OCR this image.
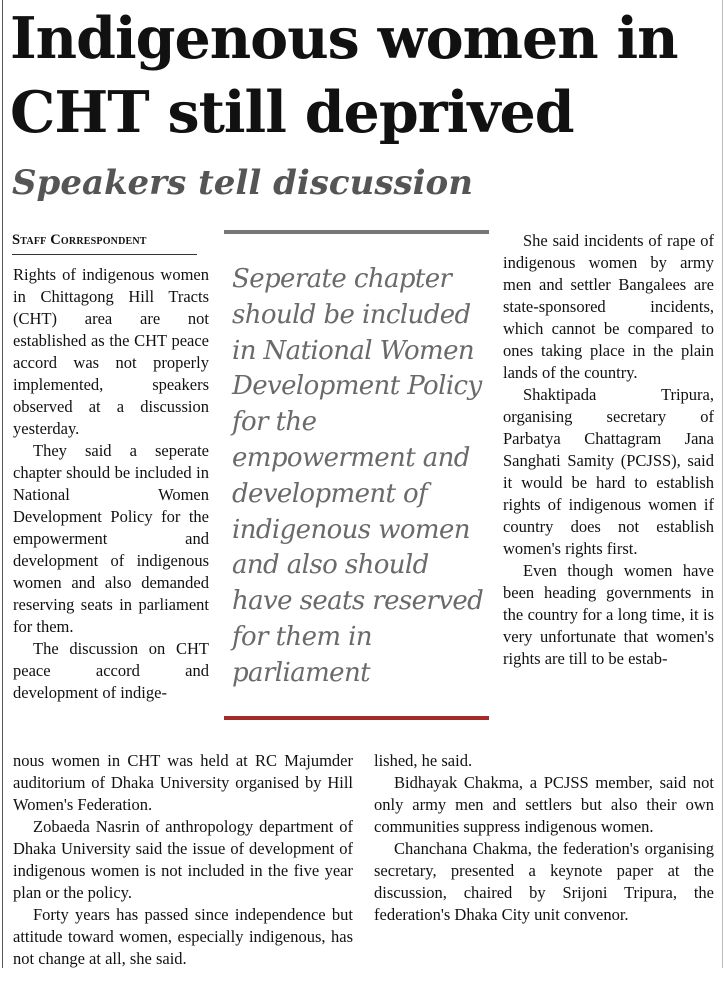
Indigenous women in CHT still deprived
Speakers tell discussion
Staff Correspondent

Rights of indigenous women in Chittagong Hill Tracts (CHT) area are not established as the CHT peace accord was not properly implemented, speakers observed at a discussion yesterday.

They said a seperate chapter should be included in National Women Development Policy for the empowerment and development of indigenous women and also demanded reserving seats in parliament for them.

The discussion on CHT peace accord and development of indige-

Seperate chapter should be included in National Women Development Policy for the empowerment and development of indigenous women and also should have seats reserved for them in parliament

She said incidents of rape of indigenous women by army men and settler Bangalees are state-sponsored incidents, which cannot be compared to ones taking place in the plain lands of the country.

Shaktipada Tripura, organising secretary of Parbatya Chattagram Jana Sanghati Samity (PCJSS), said it would be hard to establish rights of indigenous women if country does not establish women's rights first.

Even though women have been heading governments in the country for a long time, it is very unfortunate that women's rights are till to be estab-

nous women in CHT was held at RC Majumder auditorium of Dhaka University organised by Hill Women's Federation.

Zobaeda Nasrin of anthropology department of Dhaka University said the issue of development of indigenous women is not included in the five year plan or the policy.

Forty years has passed since independence but attitude toward women, especially indigenous, has not change at all, she said.

lished, he said.

Bidhayak Chakma, a PCJSS member, said not only army men and settlers but also their own communities suppress indigenous women.

Chanchana Chakma, the federation's organising secretary, presented a keynote paper at the discussion, chaired by Srijoni Tripura, the federation's Dhaka City unit convenor.
